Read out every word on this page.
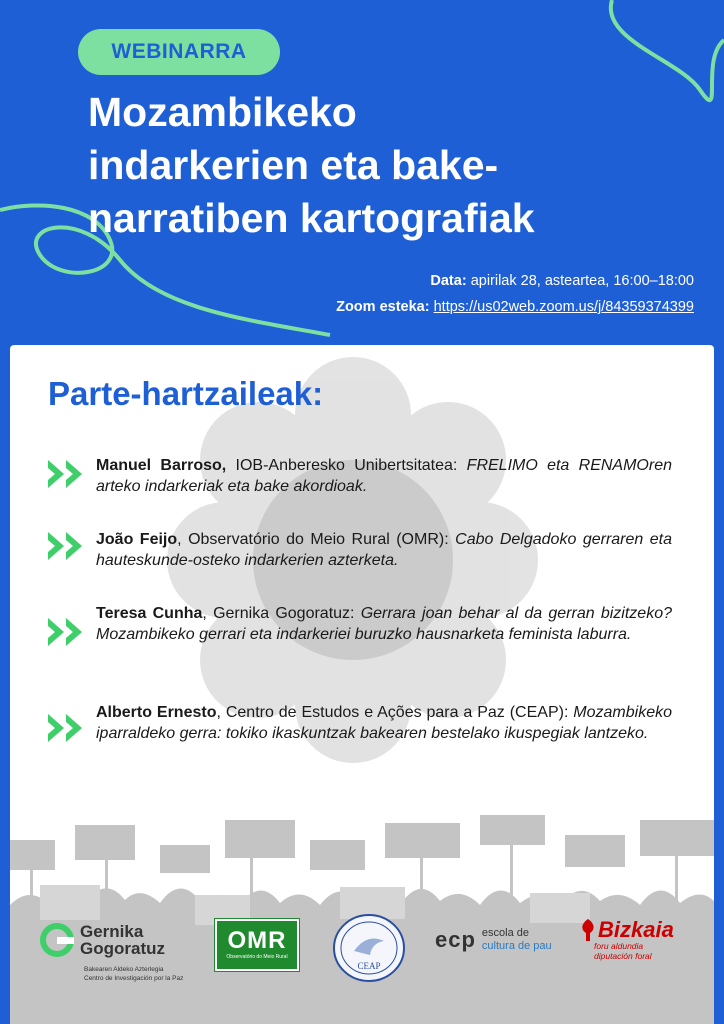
WEBINARRA
Mozambikeko
indarkerien eta bake-
narratiben kartografiak
Data: apirilak 28, asteartea, 16:00–18:00
Zoom esteka: https://us02web.zoom.us/j/84359374399
Parte-hartzaileak:
Manuel Barroso, IOB-Anberesko Unibertsitatea: FRELIMO eta RENAMOren arteko indarkeriak eta bake akordioak.
João Feijo, Observatório do Meio Rural (OMR): Cabo Delgadoko gerraren eta hauteskunde-osteko indarkerien azterketa.
Teresa Cunha, Gernika Gogoratuz: Gerrara joan behar al da gerran bizitzeko? Mozambikeko gerrari eta indarkeriei buruzko hausnarketa feminista laburra.
Alberto Ernesto, Centro de Estudos e Ações para a Paz (CEAP): Mozambikeko iparraldeko gerra: tokiko ikaskuntzak bakearen bestelako ikuspegiak lantzeko.
Gernika
Gogoratuz
Bakearen Aldeko Azterlegia
Centro de Investigación por la Paz
OMR
Observatório do Meio Rural
CEAP
ecp escola de
cultura de pau
Bizkaia
foru aldundia
diputación foral
